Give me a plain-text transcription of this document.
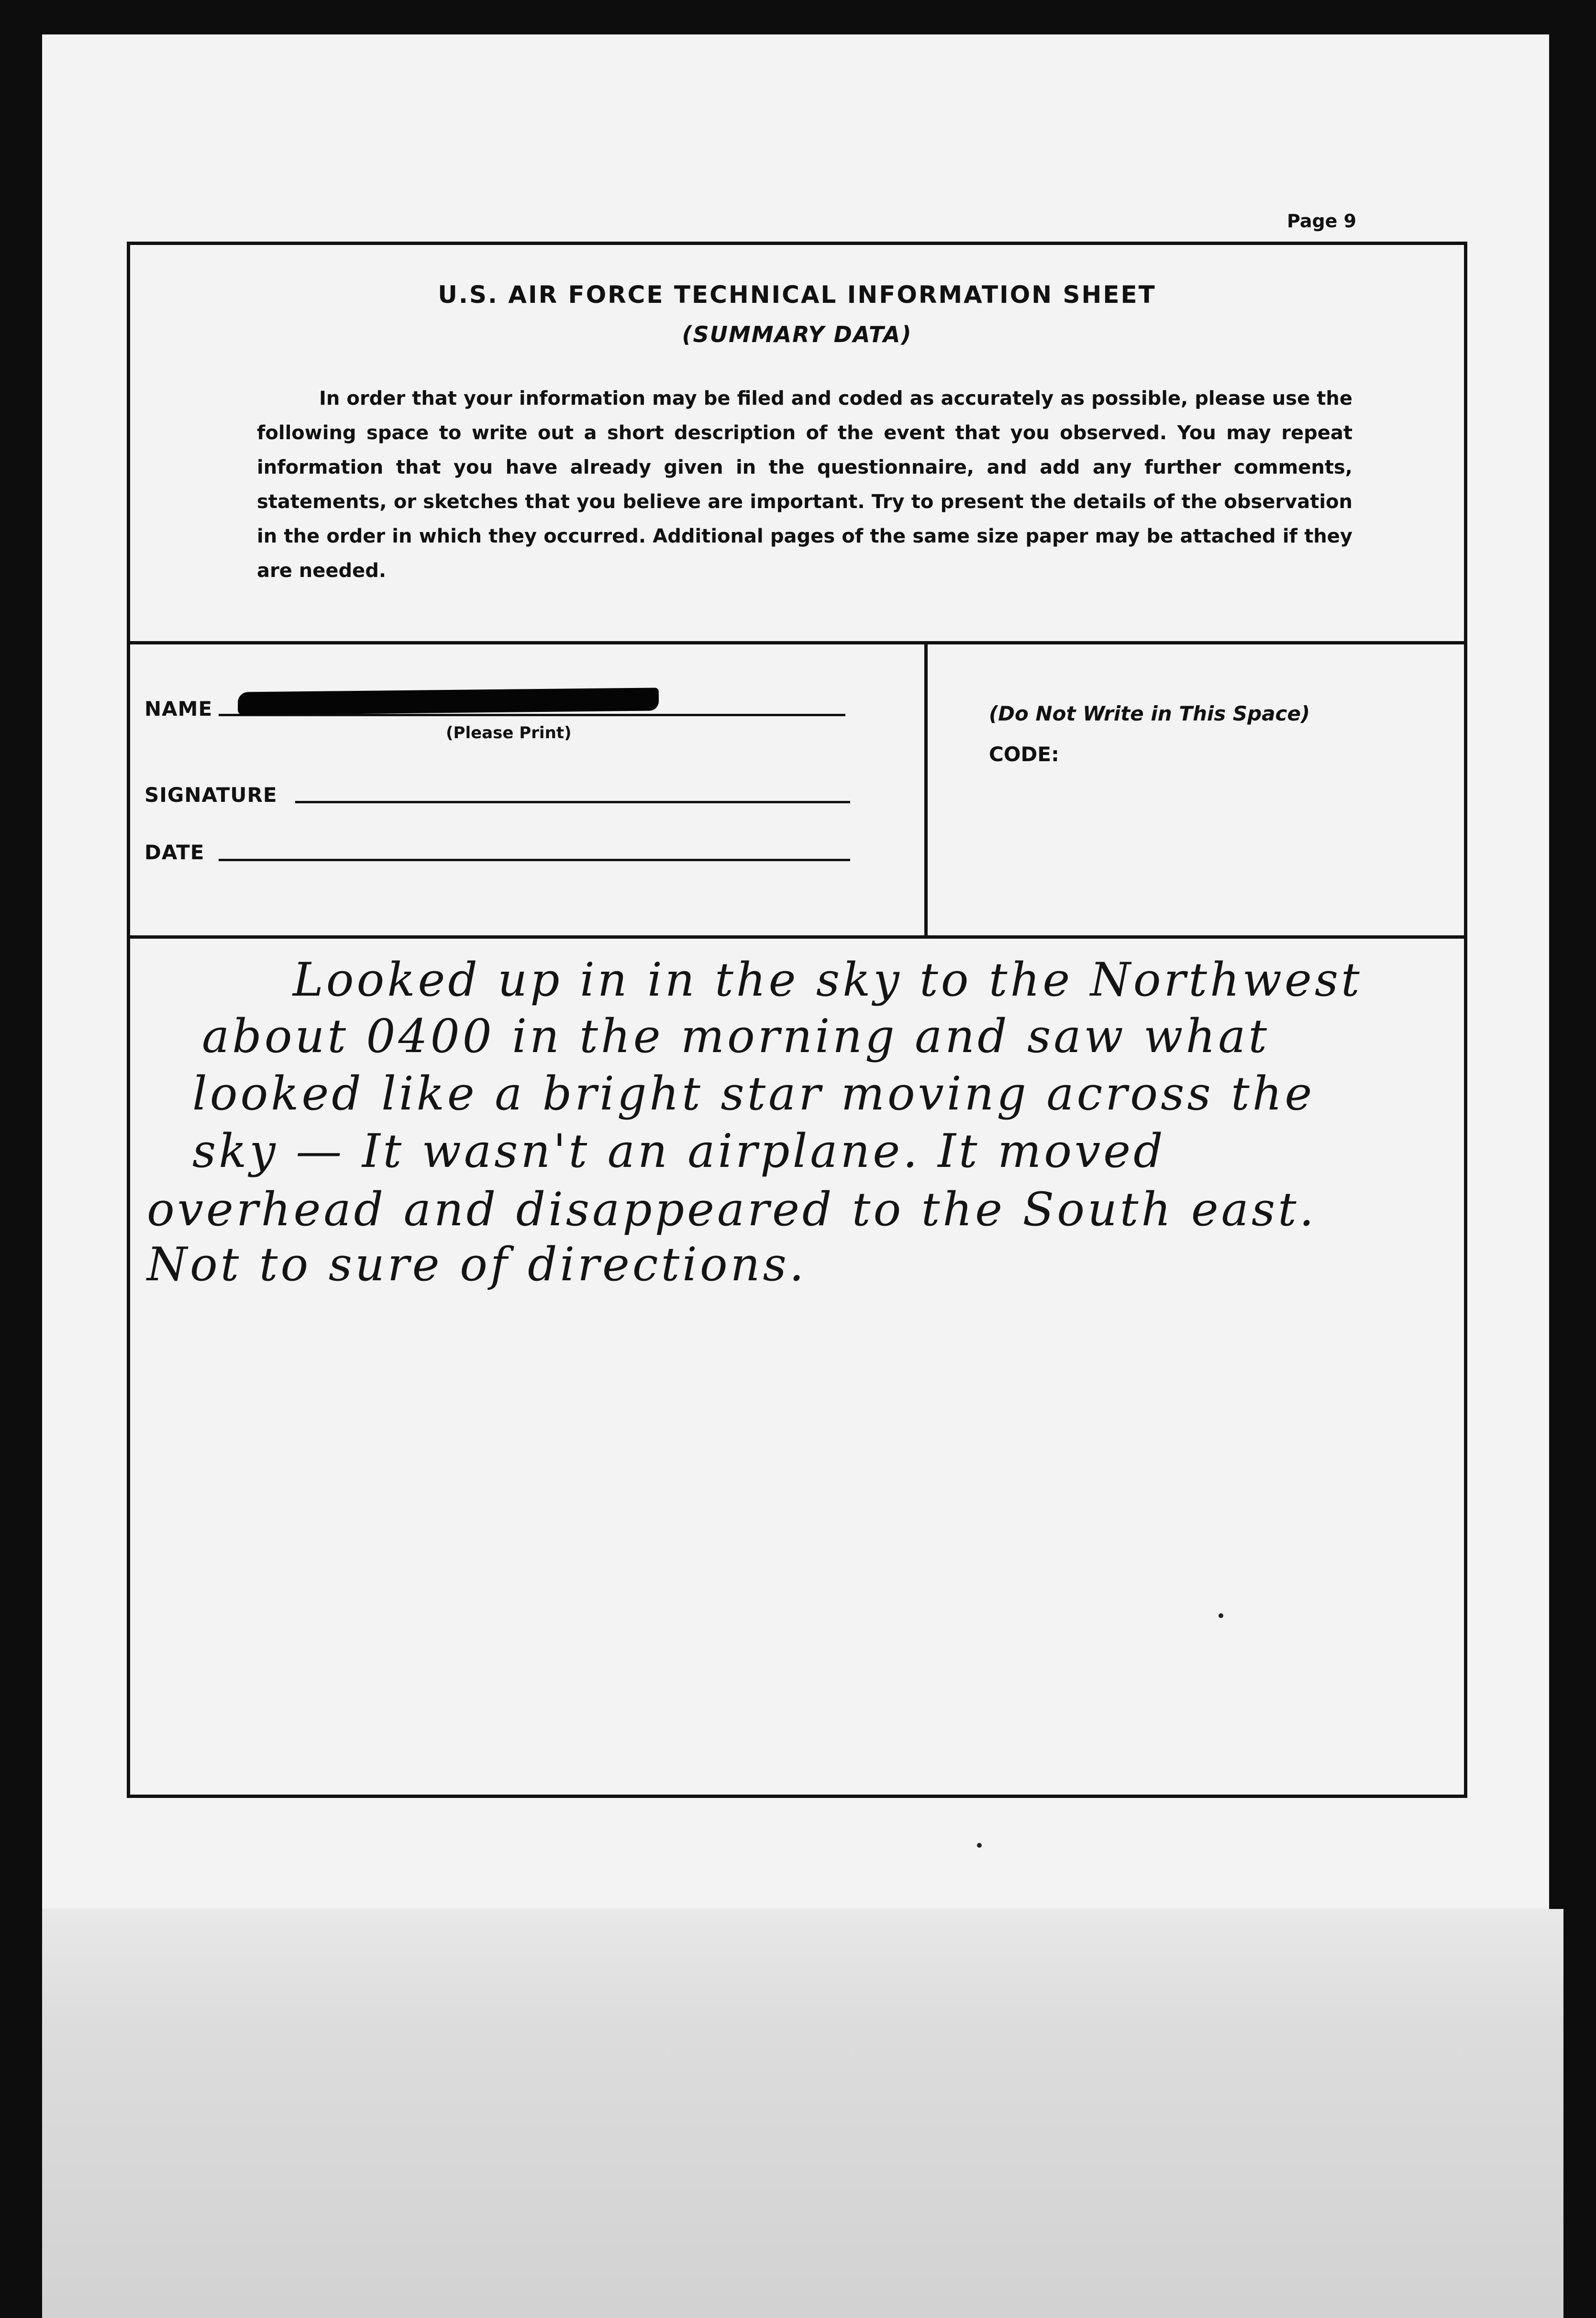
Page 9
U.S. AIR FORCE TECHNICAL INFORMATION SHEET
(SUMMARY DATA)
In order that your information may be filed and coded as accurately as possible, please use the following space to write out a short description of the event that you observed. You may repeat information that you have already given in the questionnaire, and add any further comments, statements, or sketches that you believe are important. Try to present the details of the observation in the order in which they occurred. Additional pages of the same size paper may be attached if they are needed.
NAME
(Please Print)
SIGNATURE
DATE
(Do Not Write in This Space)
CODE:
Looked up in in the sky to the Northwest
about 0400 in the morning and saw what
looked like a bright star moving across the
sky — It wasn't an airplane. It moved
overhead and disappeared to the South east.
Not to sure of directions.
